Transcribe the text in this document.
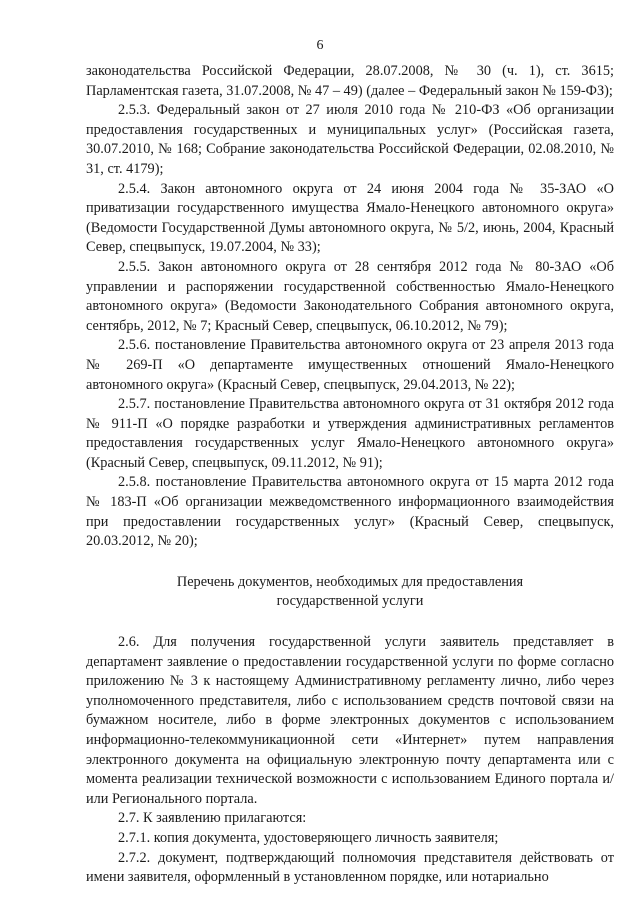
6

законодательства Российской Федерации, 28.07.2008, № 30 (ч. 1), ст. 3615; Парламентская газета, 31.07.2008, № 47 – 49) (далее – Федеральный закон № 159-ФЗ);

2.5.3. Федеральный закон от 27 июля 2010 года № 210-ФЗ «Об организации предоставления государственных и муниципальных услуг» (Российская газета, 30.07.2010, № 168; Собрание законодательства Российской Федерации, 02.08.2010, № 31, ст. 4179);

2.5.4. Закон автономного округа от 24 июня 2004 года № 35-ЗАО «О приватизации государственного имущества Ямало-Ненецкого автономного округа» (Ведомости Государственной Думы автономного округа, № 5/2, июнь, 2004, Красный Север, спецвыпуск, 19.07.2004, № 33);

2.5.5. Закон автономного округа от 28 сентября 2012 года № 80-ЗАО «Об управлении и распоряжении государственной собственностью Ямало-Ненецкого автономного округа» (Ведомости Законодательного Собрания автономного округа, сентябрь, 2012, № 7; Красный Север, спецвыпуск, 06.10.2012, № 79);

2.5.6. постановление Правительства автономного округа от 23 апреля 2013 года № 269-П «О департаменте имущественных отношений Ямало-Ненецкого автономного округа» (Красный Север, спецвыпуск, 29.04.2013, № 22);

2.5.7. постановление Правительства автономного округа от 31 октября 2012 года № 911-П «О порядке разработки и утверждения административных регламентов предоставления государственных услуг Ямало-Ненецкого автономного округа» (Красный Север, спецвыпуск, 09.11.2012, № 91);

2.5.8. постановление Правительства автономного округа от 15 марта 2012 года № 183-П «Об организации межведомственного информационного взаимодействия при предоставлении государственных услуг» (Красный Север, спецвыпуск, 20.03.2012, № 20);

Перечень документов, необходимых для предоставления
государственной услуги

2.6. Для получения государственной услуги заявитель представляет в департамент заявление о предоставлении государственной услуги по форме согласно приложению № 3 к настоящему Административному регламенту лично, либо через уполномоченного представителя, либо с использованием средств почтовой связи на бумажном носителе, либо в форме электронных документов с использованием информационно-телекоммуникационной сети «Интернет» путем направления электронного документа на официальную электронную почту департамента или с момента реализации технической возможности с использованием Единого портала и/или Регионального портала.

2.7. К заявлению прилагаются:

2.7.1. копия документа, удостоверяющего личность заявителя;

2.7.2. документ, подтверждающий полномочия представителя действовать от имени заявителя, оформленный в установленном порядке, или нотариально
